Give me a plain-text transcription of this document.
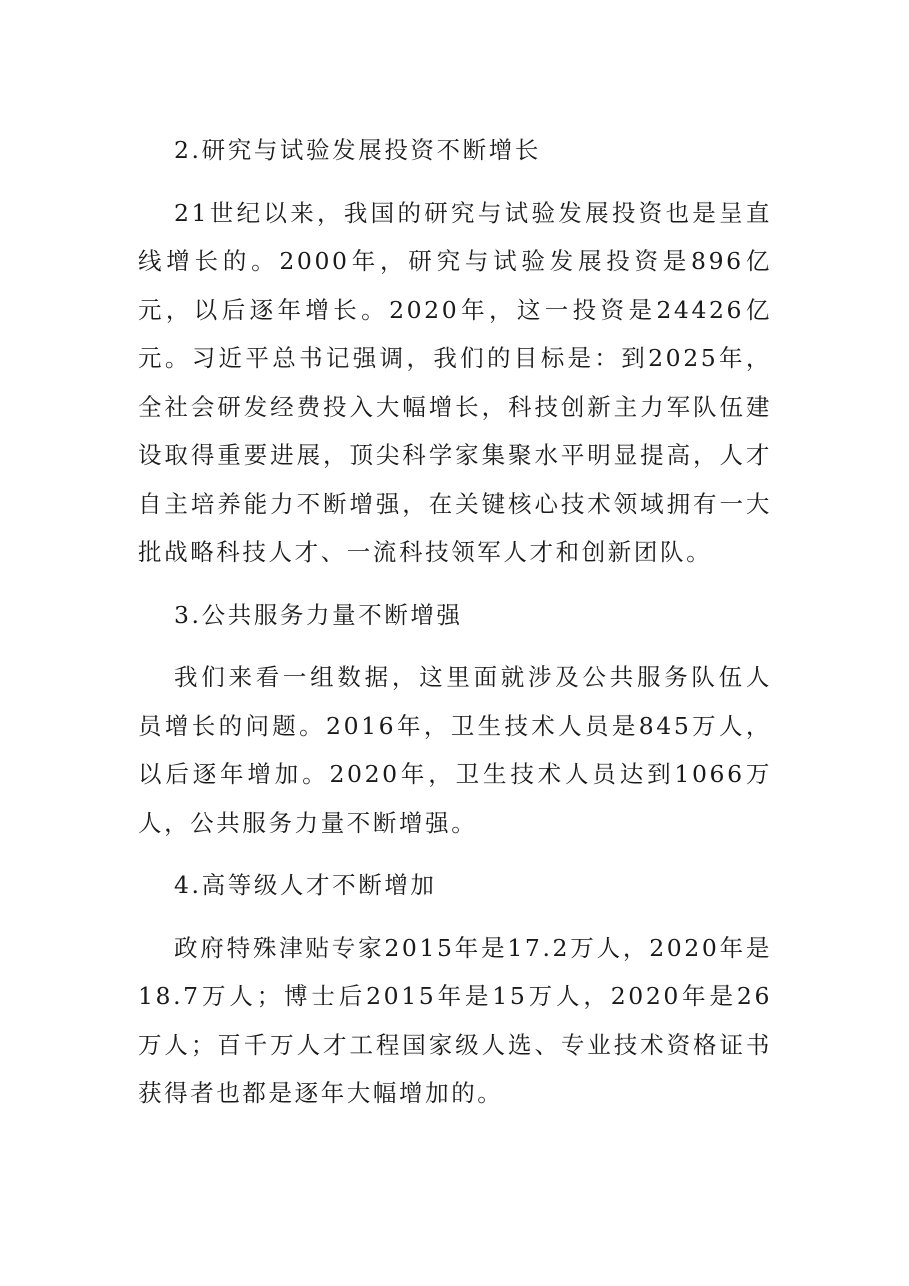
2.研究与试验发展投资不断增长

21世纪以来，我国的研究与试验发展投资也是呈直线增长的。2000年，研究与试验发展投资是896亿元，以后逐年增长。2020年，这一投资是24426亿元。习近平总书记强调，我们的目标是：到2025年，全社会研发经费投入大幅增长，科技创新主力军队伍建设取得重要进展，顶尖科学家集聚水平明显提高，人才自主培养能力不断增强，在关键核心技术领域拥有一大批战略科技人才、一流科技领军人才和创新团队。

3.公共服务力量不断增强

我们来看一组数据，这里面就涉及公共服务队伍人员增长的问题。2016年，卫生技术人员是845万人，以后逐年增加。2020年，卫生技术人员达到1066万人，公共服务力量不断增强。

4.高等级人才不断增加

政府特殊津贴专家2015年是17.2万人，2020年是18.7万人；博士后2015年是15万人，2020年是26万人；百千万人才工程国家级人选、专业技术资格证书获得者也都是逐年大幅增加的。
